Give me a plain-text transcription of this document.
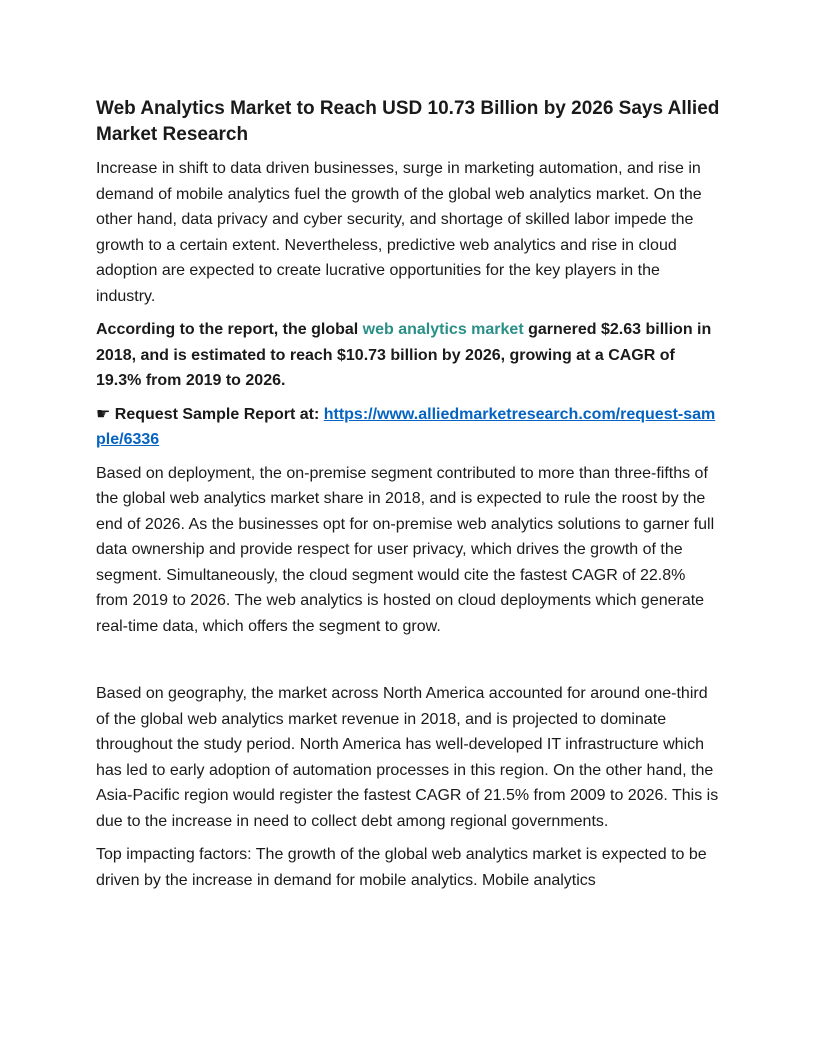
Web Analytics Market to Reach USD 10.73 Billion by 2026 Says Allied Market Research

Increase in shift to data driven businesses, surge in marketing automation, and rise in demand of mobile analytics fuel the growth of the global web analytics market. On the other hand, data privacy and cyber security, and shortage of skilled labor impede the growth to a certain extent. Nevertheless, predictive web analytics and rise in cloud adoption are expected to create lucrative opportunities for the key players in the industry.

According to the report, the global web analytics market garnered $2.63 billion in 2018, and is estimated to reach $10.73 billion by 2026, growing at a CAGR of 19.3% from 2019 to 2026.

☛ Request Sample Report at: https://www.alliedmarketresearch.com/request-sample/6336

Based on deployment, the on-premise segment contributed to more than three-fifths of the global web analytics market share in 2018, and is expected to rule the roost by the end of 2026. As the businesses opt for on-premise web analytics solutions to garner full data ownership and provide respect for user privacy, which drives the growth of the segment. Simultaneously, the cloud segment would cite the fastest CAGR of 22.8% from 2019 to 2026. The web analytics is hosted on cloud deployments which generate real-time data, which offers the segment to grow.

Based on geography, the market across North America accounted for around one-third of the global web analytics market revenue in 2018, and is projected to dominate throughout the study period. North America has well-developed IT infrastructure which has led to early adoption of automation processes in this region. On the other hand, the Asia-Pacific region would register the fastest CAGR of 21.5% from 2009 to 2026. This is due to the increase in need to collect debt among regional governments.

Top impacting factors: The growth of the global web analytics market is expected to be driven by the increase in demand for mobile analytics. Mobile analytics
